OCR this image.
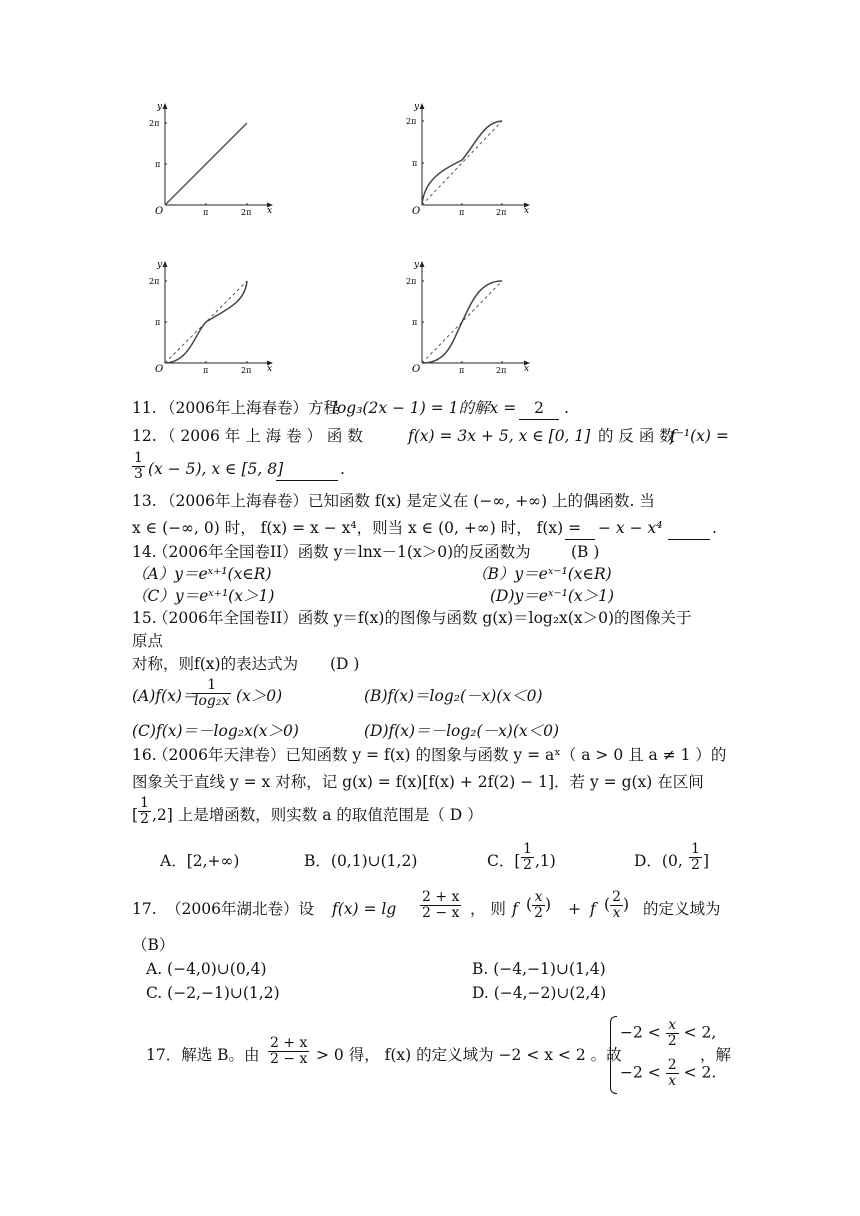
y
x
O	π	2π
π
2π
y
x
O	π	2π
π
2π
y
x
O	π	2π
π
2π
y
x
O	π	2π
π
2π
11. （2006年上海春卷）方程
log₃(2x − 1) = 1的解x =	2	.
12. （ 2006 年 上 海 卷 ） 函 数	f(x) = 3x + 5, x ∈ [0, 1] 的 反 函 数
f⁻¹(x) =
$\frac{1}{3} (x - 5)$, x ∈ [5, 8]
	.
13. （2006年上海春卷）已知函数 f(x) 是定义在 (−∞, +∞) 上的偶函数. 当
x ∈ (−∞, 0) 时， f(x) = x − x⁴，则当 x ∈ (0, +∞) 时， f(x) =
− x − x⁴
	.
14.
（2006年全国卷II）函数 y＝lnx－1(x＞0)的反函数为	(B )
（A）y＝eˣ⁺¹(x∈R)	（B）y＝eˣ⁻¹(x∈R)
（C）y＝eˣ⁺¹(x＞1)	(D)y＝eˣ⁻¹(x＞1)
15.
（2006年全国卷II）函数 y＝f(x)的图像与函数 g(x)＝log₂x(x＞0)的图像关于
原点
对称，则f(x)的表达式为 (D )
(A)f(x)＝
$\frac{1}{\text{log₂x}} (x>0)$	(B)f(x)＝log₂(－x)(x＜0)
(C)f(x)＝－log₂x(x＞0)	(D)f(x)＝－log₂(－x)(x＜0)
16.
（2006年天津卷）已知函数 y = f(x) 的图象与函数 y = aˣ（ a > 0 且 a ≠ 1 ）的
图象关于直线 y = x 对称，记 g(x) = f(x)[f(x) + 2f(2) − 1]．若 y = g(x) 在区间
[ $\frac{1}{2} ,2$] 上是增函数，则实数 a 的取值范围是（ D ）
A．[2,+∞)	B．(0,1)∪(1,2)	C．[ $\frac{1}{2} ,1$)	D．(0, $\frac{1}{2}$ ]
17. （2006年湖北卷）设 $f(x) = \lg \frac{2 + x}{2 - x}$ ， 则 f ( $\frac{x}{2}$ ) + f ( $\frac{2}{x}$ ) 的定义域为
（B）
A. (−4,0)∪(0,4)	B. (−4,−1)∪(1,4)
C. (−2,−1)∪(1,2)	D. (−4,−2)∪(2,4)
17．解选 B。由 $\frac{2 + x}{2 - x} > 0$ 得， f(x) 的定义域为 −2 < x < 2 。故
$-2 < \frac{x}{2} < 2$,
$-2 < \frac{2}{x} < 2$.
，解
